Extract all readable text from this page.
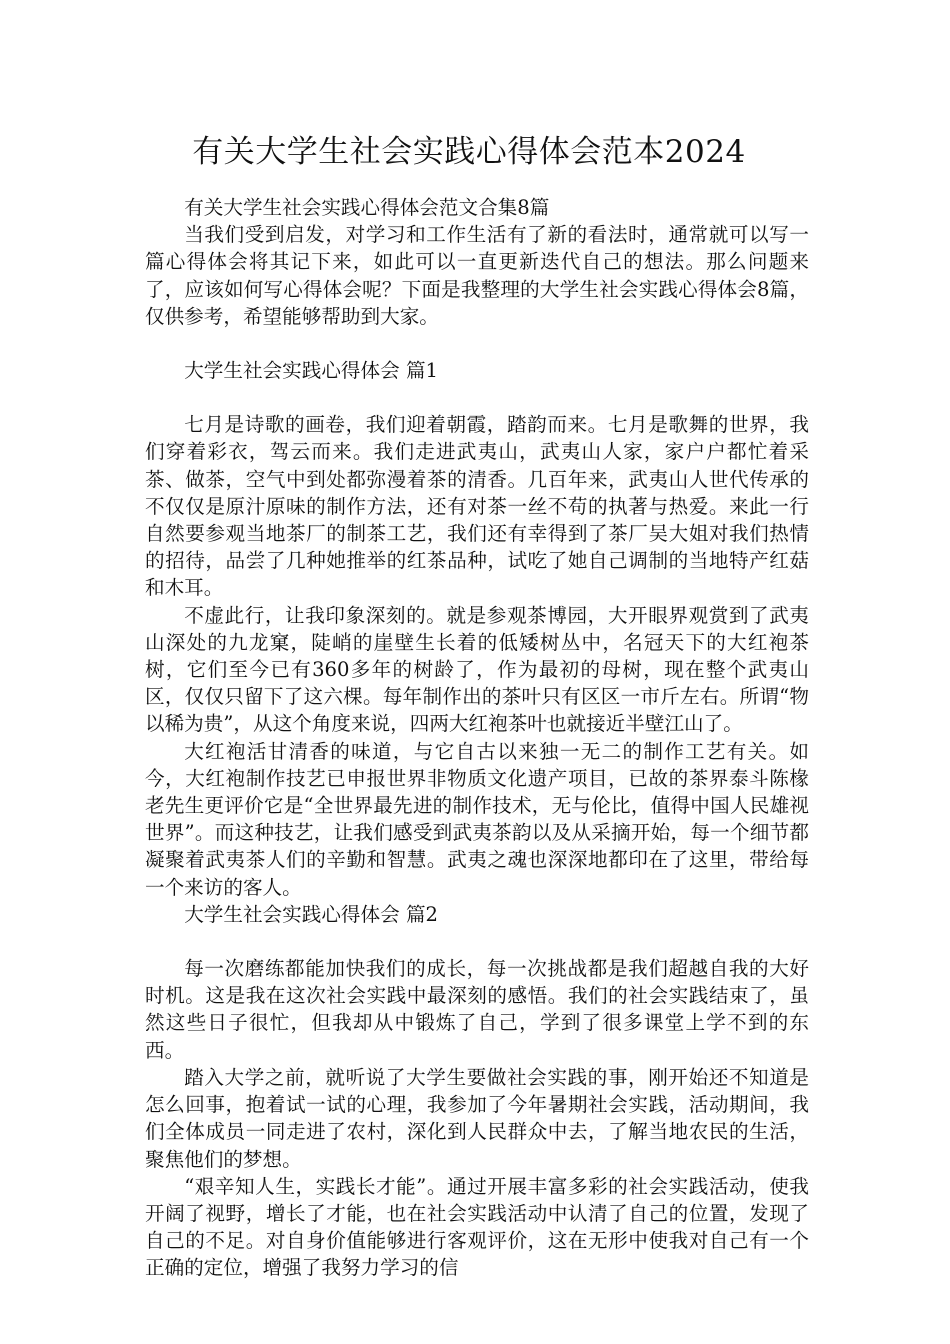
有关大学生社会实践心得体会范本2024

有关大学生社会实践心得体会范文合集8篇

当我们受到启发，对学习和工作生活有了新的看法时，通常就可以写一篇心得体会将其记下来，如此可以一直更新迭代自己的想法。那么问题来了，应该如何写心得体会呢？下面是我整理的大学生社会实践心得体会8篇，仅供参考，希望能够帮助到大家。

大学生社会实践心得体会 篇1

七月是诗歌的画卷，我们迎着朝霞，踏韵而来。七月是歌舞的世界，我们穿着彩衣，驾云而来。我们走进武夷山，武夷山人家，家户户都忙着采茶、做茶，空气中到处都弥漫着茶的清香。几百年来，武夷山人世代传承的不仅仅是原汁原味的制作方法，还有对茶一丝不苟的执著与热爱。来此一行自然要参观当地茶厂的制茶工艺，我们还有幸得到了茶厂吴大姐对我们热情的招待，品尝了几种她推举的红茶品种，试吃了她自己调制的当地特产红菇和木耳。

不虚此行，让我印象深刻的。就是参观茶博园，大开眼界观赏到了武夷山深处的九龙窠，陡峭的崖壁生长着的低矮树丛中，名冠天下的大红袍茶树，它们至今已有360多年的树龄了，作为最初的母树，现在整个武夷山区，仅仅只留下了这六棵。每年制作出的茶叶只有区区一市斤左右。所谓“物以稀为贵”，从这个角度来说，四两大红袍茶叶也就接近半壁江山了。

大红袍活甘清香的味道，与它自古以来独一无二的制作工艺有关。如今，大红袍制作技艺已申报世界非物质文化遗产项目，已故的茶界泰斗陈椽老先生更评价它是“全世界最先进的制作技术，无与伦比，值得中国人民雄视世界”。而这种技艺，让我们感受到武夷茶韵以及从采摘开始，每一个细节都凝聚着武夷茶人们的辛勤和智慧。武夷之魂也深深地都印在了这里，带给每一个来访的客人。

大学生社会实践心得体会 篇2

每一次磨练都能加快我们的成长，每一次挑战都是我们超越自我的大好时机。这是我在这次社会实践中最深刻的感悟。我们的社会实践结束了，虽然这些日子很忙，但我却从中锻炼了自己，学到了很多课堂上学不到的东西。

踏入大学之前，就听说了大学生要做社会实践的事，刚开始还不知道是怎么回事，抱着试一试的心理，我参加了今年暑期社会实践，活动期间，我们全体成员一同走进了农村，深化到人民群众中去，了解当地农民的生活，聚焦他们的梦想。

“艰辛知人生，实践长才能”。通过开展丰富多彩的社会实践活动，使我开阔了视野，增长了才能，也在社会实践活动中认清了自己的位置，发现了自己的不足。对自身价值能够进行客观评价，这在无形中使我对自己有一个正确的定位，增强了我努力学习的信
